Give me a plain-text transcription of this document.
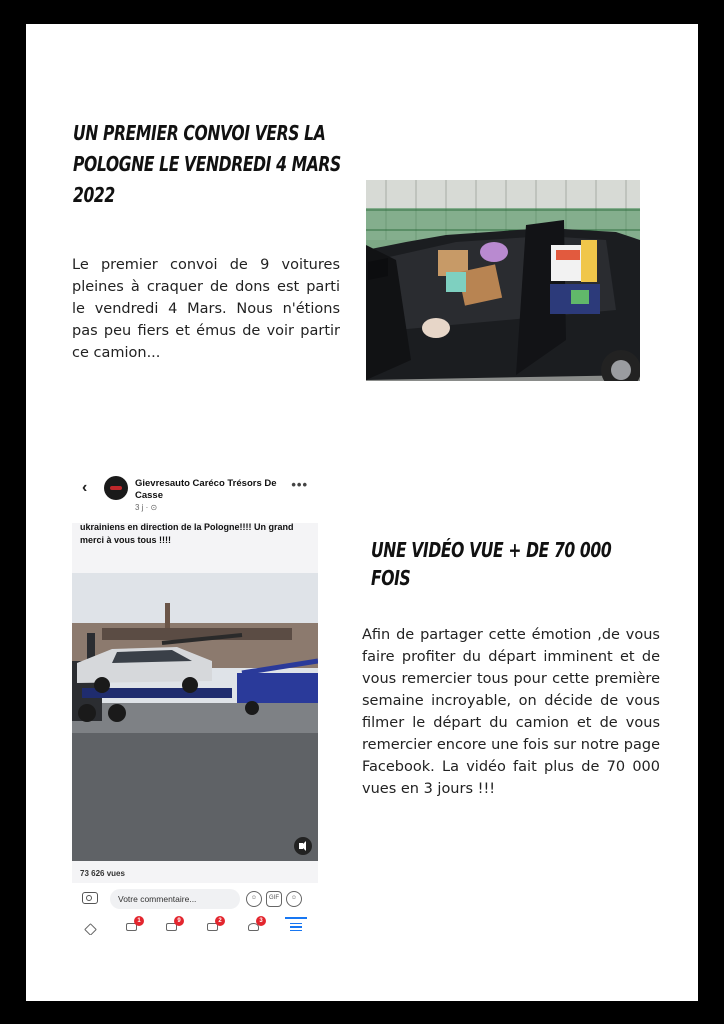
UN PREMIER CONVOI VERS LA POLOGNE LE VENDREDI 4 MARS 2022

Le premier convoi de 9 voitures pleines à craquer de dons est parti le vendredi 4 Mars. Nous n'étions pas peu fiers et émus de voir partir ce camion...

‹	Gievresauto Caréco Trésors De Casse
3 j · ⊙
•••
ukrainiens en direction de la Pologne!!!! Un grand merci à vous tous !!!!
73 626 vues
Votre commentaire...	☺	GIF	☺
1	9	2	3
UNE VIDÉO VUE + DE 70 000 FOIS

Afin de partager cette émotion ,de vous faire profiter du départ imminent et de vous remercier tous pour cette première semaine incroyable, on décide de vous filmer le départ du camion et de vous remercier encore une fois sur notre page Facebook. La vidéo fait plus de 70 000 vues en 3 jours !!!
